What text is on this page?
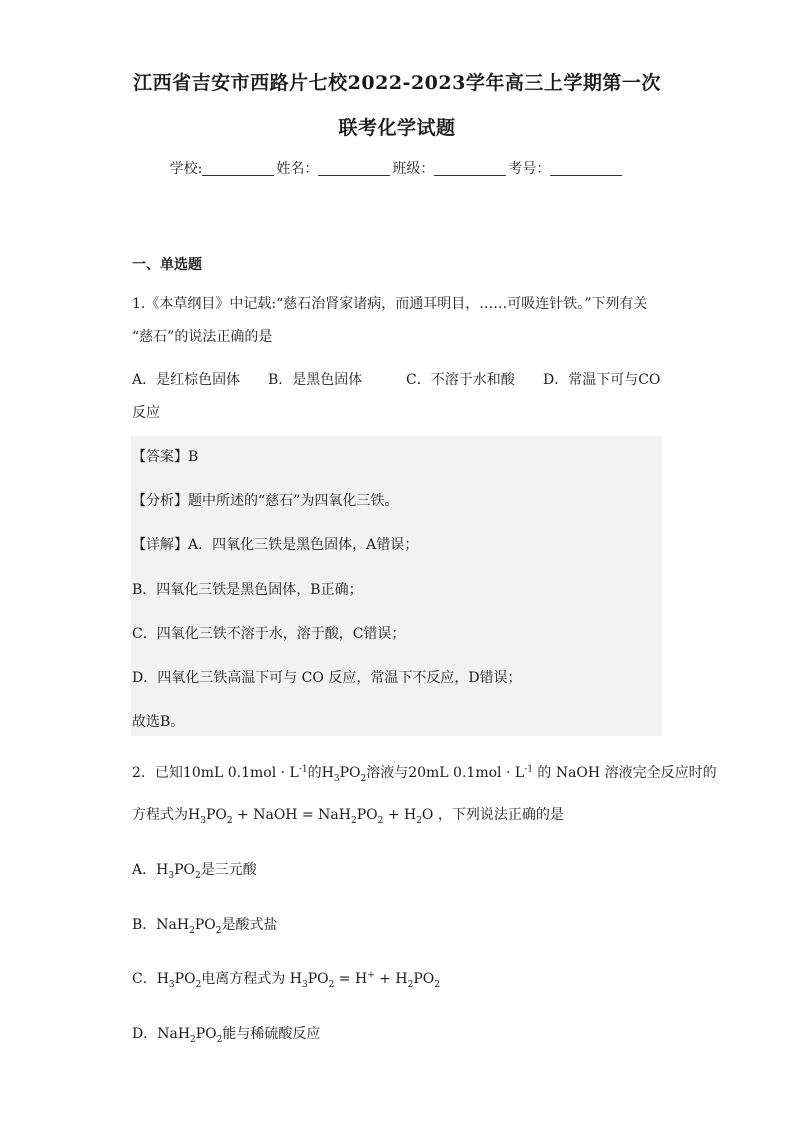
江西省吉安市西路片七校2022-2023学年高三上学期第一次
联考化学试题
学校:	姓名：	班级：	考号：
一、单选题
1.《本草纲目》中记载:“慈石治肾家诸病，而通耳明目，……可吸连针铁。”下列有关
“慈石”的说法正确的是
A．是红棕色固体 B．是黑色固体	C．不溶于水和酸 D．常温下可与CO
反应
【答案】B
【分析】题中所述的“慈石”为四氧化三铁。
【详解】A．四氧化三铁是黑色固体，A错误；
B．四氧化三铁是黑色固体，B正确；
C．四氧化三铁不溶于水，溶于酸，C错误；
D．四氧化三铁高温下可与 CO 反应，常温下不反应，D错误；
故选B。
2．已知10mL $0.1mol \cdot L^{-1}$的$H_3PO_2$溶液与20mL $0.1mol \cdot L^{-1}$ 的 NaOH 溶液完全反应时的
方程式为$H_3PO_2$ + NaOH = $NaH_2PO_2 + H_2O$ ，下列说法正确的是
A．$H_3PO_2$是三元酸
B．$NaH_2PO_2$是酸式盐
C．$H_3PO_2$电离方程式为 $H_3PO_2 = H^+ + H_2PO_2$
D．$NaH_2PO_2$能与稀硫酸反应
